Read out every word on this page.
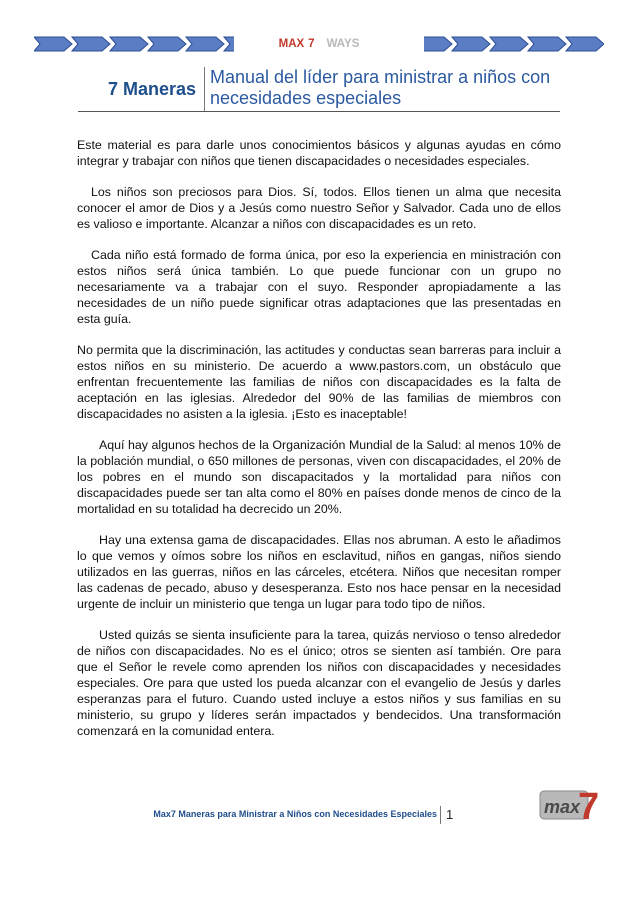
MAX 7 WAYS
7 Maneras
Manual del líder para ministrar a niños con necesidades especiales

Este material es para darle unos conocimientos básicos y algunas ayudas en cómo integrar y trabajar con niños que tienen discapacidades o necesidades especiales.

Los niños son preciosos para Dios. Sí, todos. Ellos tienen un alma que necesita conocer el amor de Dios y a Jesús como nuestro Señor y Salvador. Cada uno de ellos es valioso e importante. Alcanzar a niños con discapacidades es un reto.

Cada niño está formado de forma única, por eso la experiencia en ministración con estos niños será única también. Lo que puede funcionar con un grupo no necesariamente va a trabajar con el suyo. Responder apropiadamente a las necesidades de un niño puede significar otras adaptaciones que las presentadas en esta guía.

No permita que la discriminación, las actitudes y conductas sean barreras para incluir a estos niños en su ministerio. De acuerdo a www.pastors.com, un obstáculo que enfrentan frecuentemente las familias de niños con discapacidades es la falta de aceptación en las iglesias. Alrededor del 90% de las familias de miembros con discapacidades no asisten a la iglesia. ¡Esto es inaceptable!

Aquí hay algunos hechos de la Organización Mundial de la Salud: al menos 10% de la población mundial, o 650 millones de personas, viven con discapacidades, el 20% de los pobres en el mundo son discapacitados y la mortalidad para niños con discapacidades puede ser tan alta como el 80% en países donde menos de cinco de la mortalidad en su totalidad ha decrecido un 20%.

Hay una extensa gama de discapacidades. Ellas nos abruman. A esto le añadimos lo que vemos y oímos sobre los niños en esclavitud, niños en gangas, niños siendo utilizados en las guerras, niños en las cárceles, etcétera. Niños que necesitan romper las cadenas de pecado, abuso y desesperanza. Esto nos hace pensar en la necesidad urgente de incluir un ministerio que tenga un lugar para todo tipo de niños.

Usted quizás se sienta insuficiente para la tarea, quizás nervioso o tenso alrededor de niños con discapacidades. No es el único; otros se sienten así también. Ore para que el Señor le revele como aprenden los niños con discapacidades y necesidades especiales. Ore para que usted los pueda alcanzar con el evangelio de Jesús y darles esperanzas para el futuro. Cuando usted incluye a estos niños y sus familias en su ministerio, su grupo y líderes serán impactados y bendecidos. Una transformación comenzará en la comunidad entera.

Max7 Maneras para Ministrar a Niños con Necesidades Especiales 1	max
7
